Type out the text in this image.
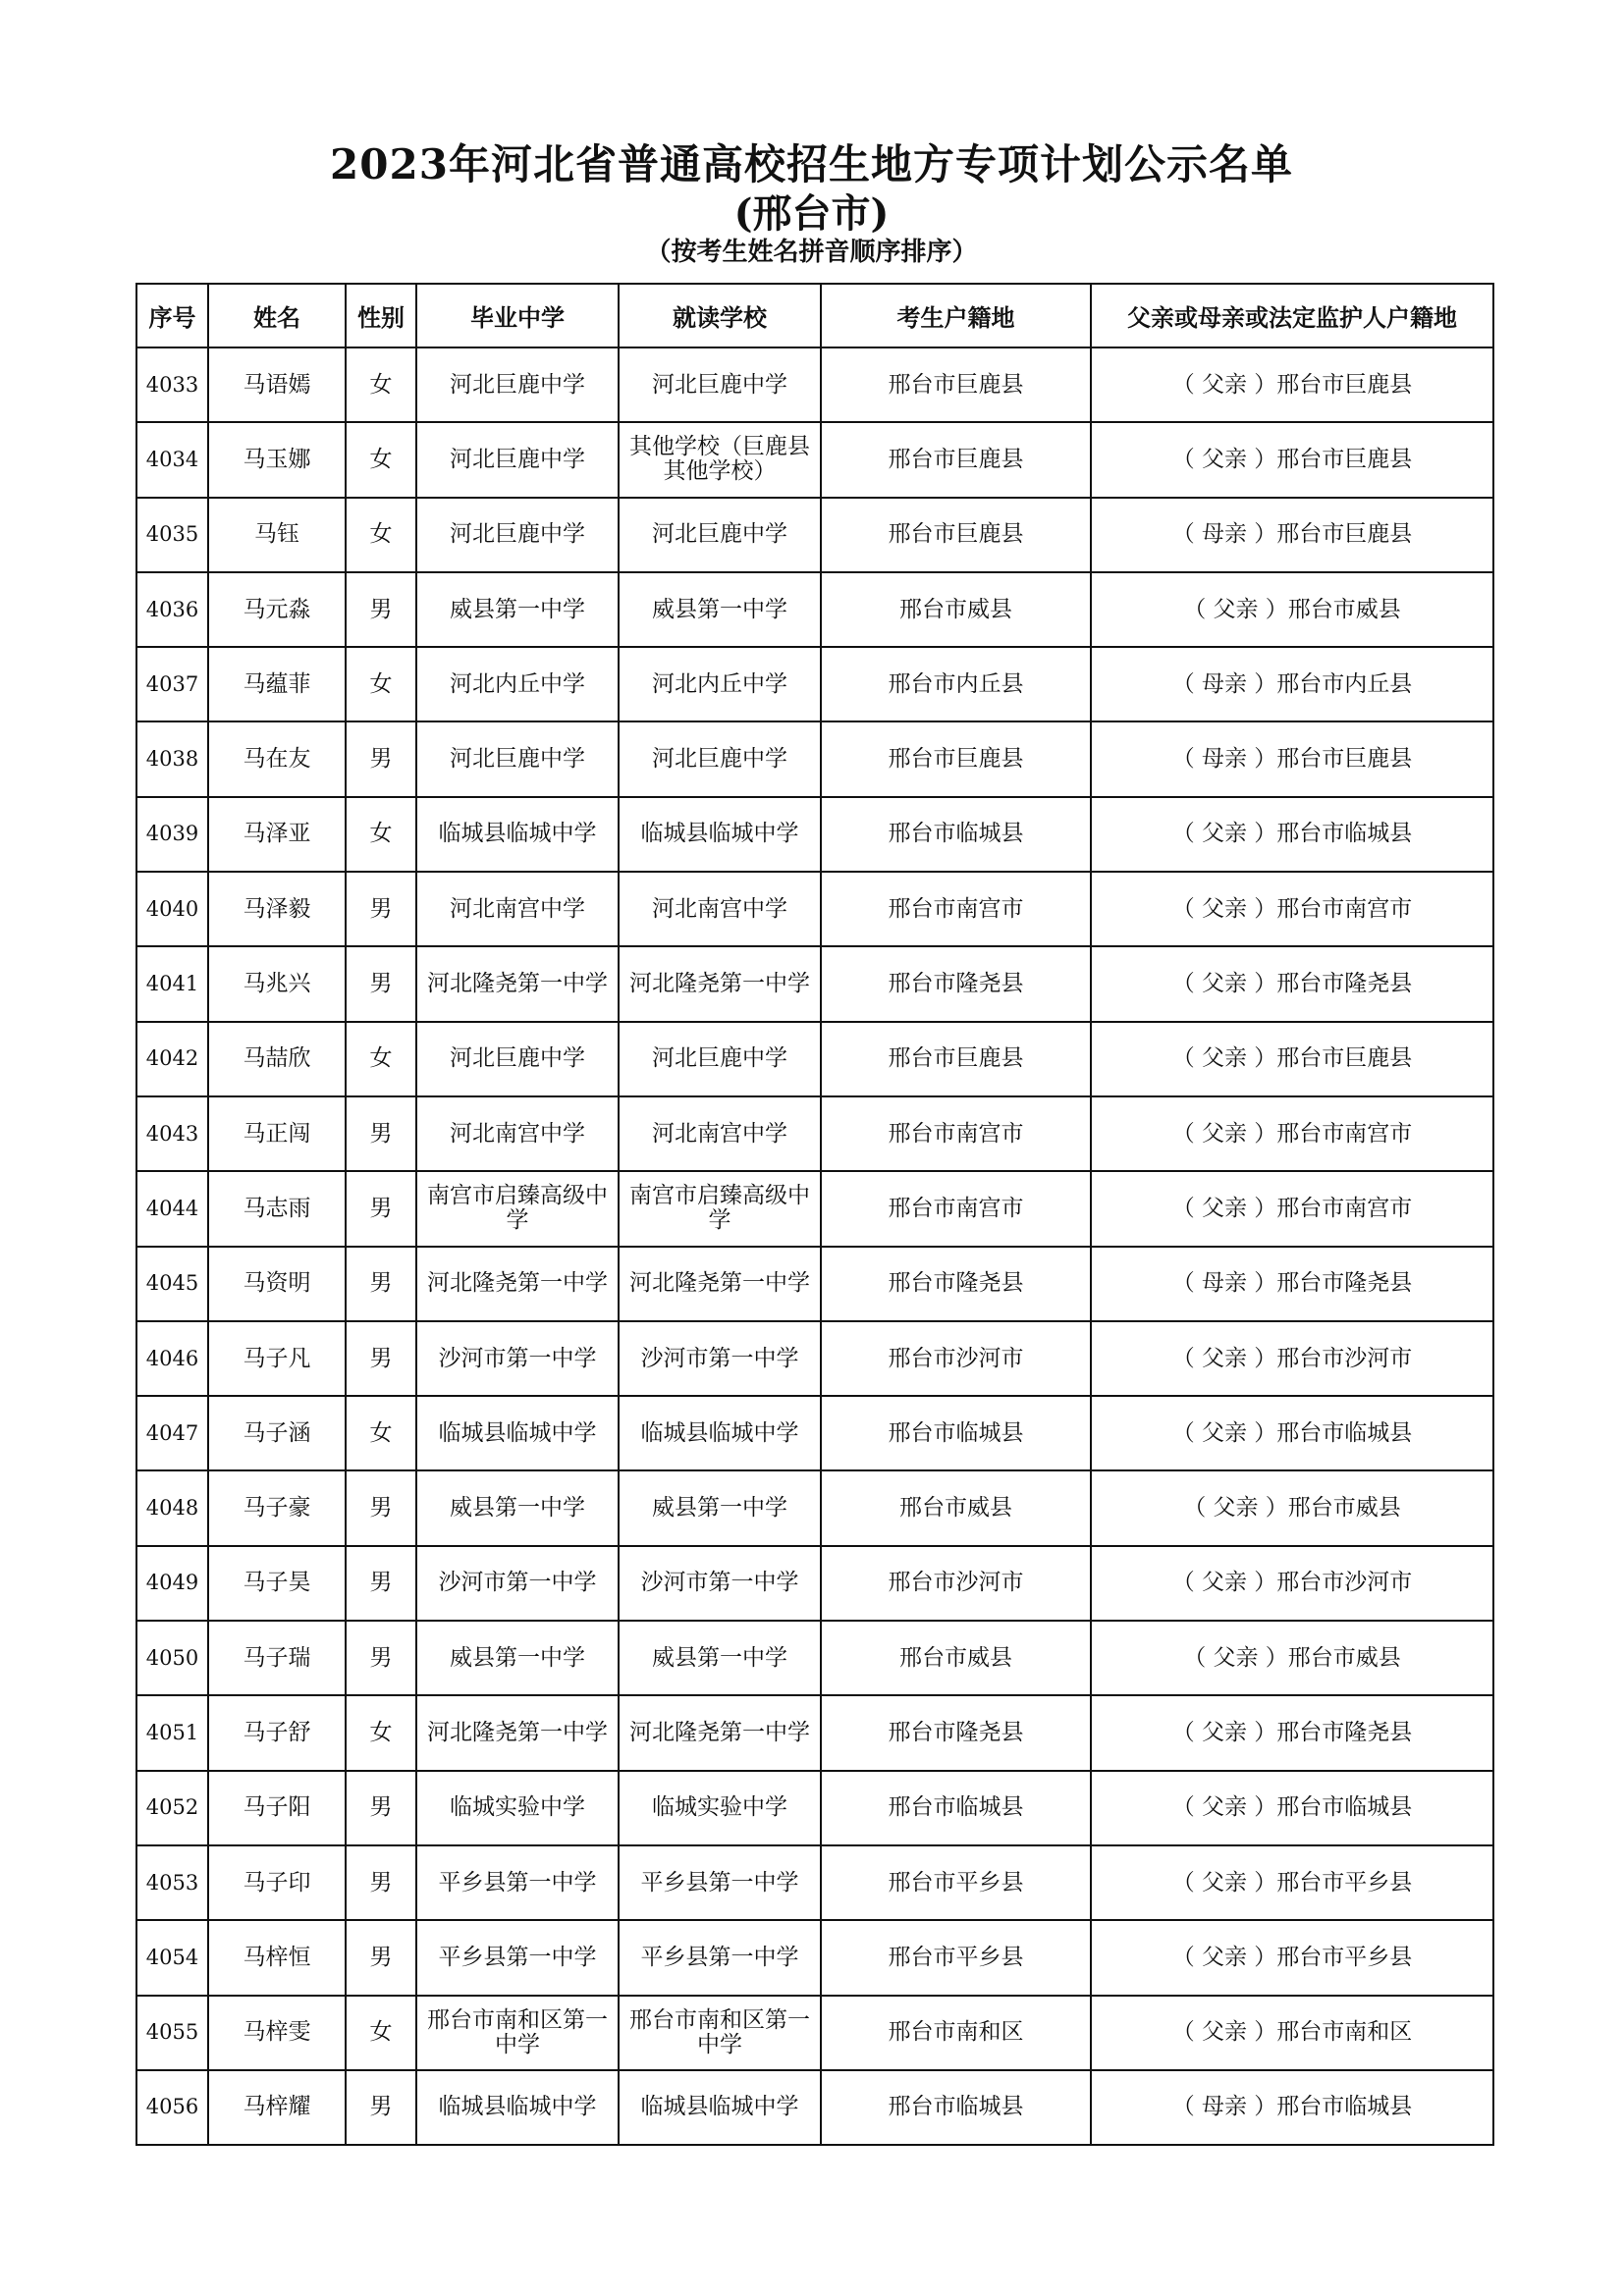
2023年河北省普通高校招生地方专项计划公示名单
(邢台市)
（按考生姓名拼音顺序排序）
序号	姓名	性别	毕业中学	就读学校	考生户籍地	父亲或母亲或法定监护人户籍地
4033	马语嫣	女	河北巨鹿中学	河北巨鹿中学	邢台市巨鹿县	（ 父亲 ）邢台市巨鹿县
4034	马玉娜	女	河北巨鹿中学	其他学校（巨鹿县其他学校）	邢台市巨鹿县	（ 父亲 ）邢台市巨鹿县
4035	马钰	女	河北巨鹿中学	河北巨鹿中学	邢台市巨鹿县	（ 母亲 ）邢台市巨鹿县
4036	马元淼	男	威县第一中学	威县第一中学	邢台市威县	（ 父亲 ）邢台市威县
4037	马蕴菲	女	河北内丘中学	河北内丘中学	邢台市内丘县	（ 母亲 ）邢台市内丘县
4038	马在友	男	河北巨鹿中学	河北巨鹿中学	邢台市巨鹿县	（ 母亲 ）邢台市巨鹿县
4039	马泽亚	女	临城县临城中学	临城县临城中学	邢台市临城县	（ 父亲 ）邢台市临城县
4040	马泽毅	男	河北南宫中学	河北南宫中学	邢台市南宫市	（ 父亲 ）邢台市南宫市
4041	马兆兴	男	河北隆尧第一中学	河北隆尧第一中学	邢台市隆尧县	（ 父亲 ）邢台市隆尧县
4042	马喆欣	女	河北巨鹿中学	河北巨鹿中学	邢台市巨鹿县	（ 父亲 ）邢台市巨鹿县
4043	马正闯	男	河北南宫中学	河北南宫中学	邢台市南宫市	（ 父亲 ）邢台市南宫市
4044	马志雨	男	南宫市启臻高级中学	南宫市启臻高级中学	邢台市南宫市	（ 父亲 ）邢台市南宫市
4045	马资明	男	河北隆尧第一中学	河北隆尧第一中学	邢台市隆尧县	（ 母亲 ）邢台市隆尧县
4046	马子凡	男	沙河市第一中学	沙河市第一中学	邢台市沙河市	（ 父亲 ）邢台市沙河市
4047	马子涵	女	临城县临城中学	临城县临城中学	邢台市临城县	（ 父亲 ）邢台市临城县
4048	马子豪	男	威县第一中学	威县第一中学	邢台市威县	（ 父亲 ）邢台市威县
4049	马子昊	男	沙河市第一中学	沙河市第一中学	邢台市沙河市	（ 父亲 ）邢台市沙河市
4050	马子瑞	男	威县第一中学	威县第一中学	邢台市威县	（ 父亲 ）邢台市威县
4051	马子舒	女	河北隆尧第一中学	河北隆尧第一中学	邢台市隆尧县	（ 父亲 ）邢台市隆尧县
4052	马子阳	男	临城实验中学	临城实验中学	邢台市临城县	（ 父亲 ）邢台市临城县
4053	马子印	男	平乡县第一中学	平乡县第一中学	邢台市平乡县	（ 父亲 ）邢台市平乡县
4054	马梓恒	男	平乡县第一中学	平乡县第一中学	邢台市平乡县	（ 父亲 ）邢台市平乡县
4055	马梓雯	女	邢台市南和区第一中学	邢台市南和区第一中学	邢台市南和区	（ 父亲 ）邢台市南和区
4056	马梓耀	男	临城县临城中学	临城县临城中学	邢台市临城县	（ 母亲 ）邢台市临城县
